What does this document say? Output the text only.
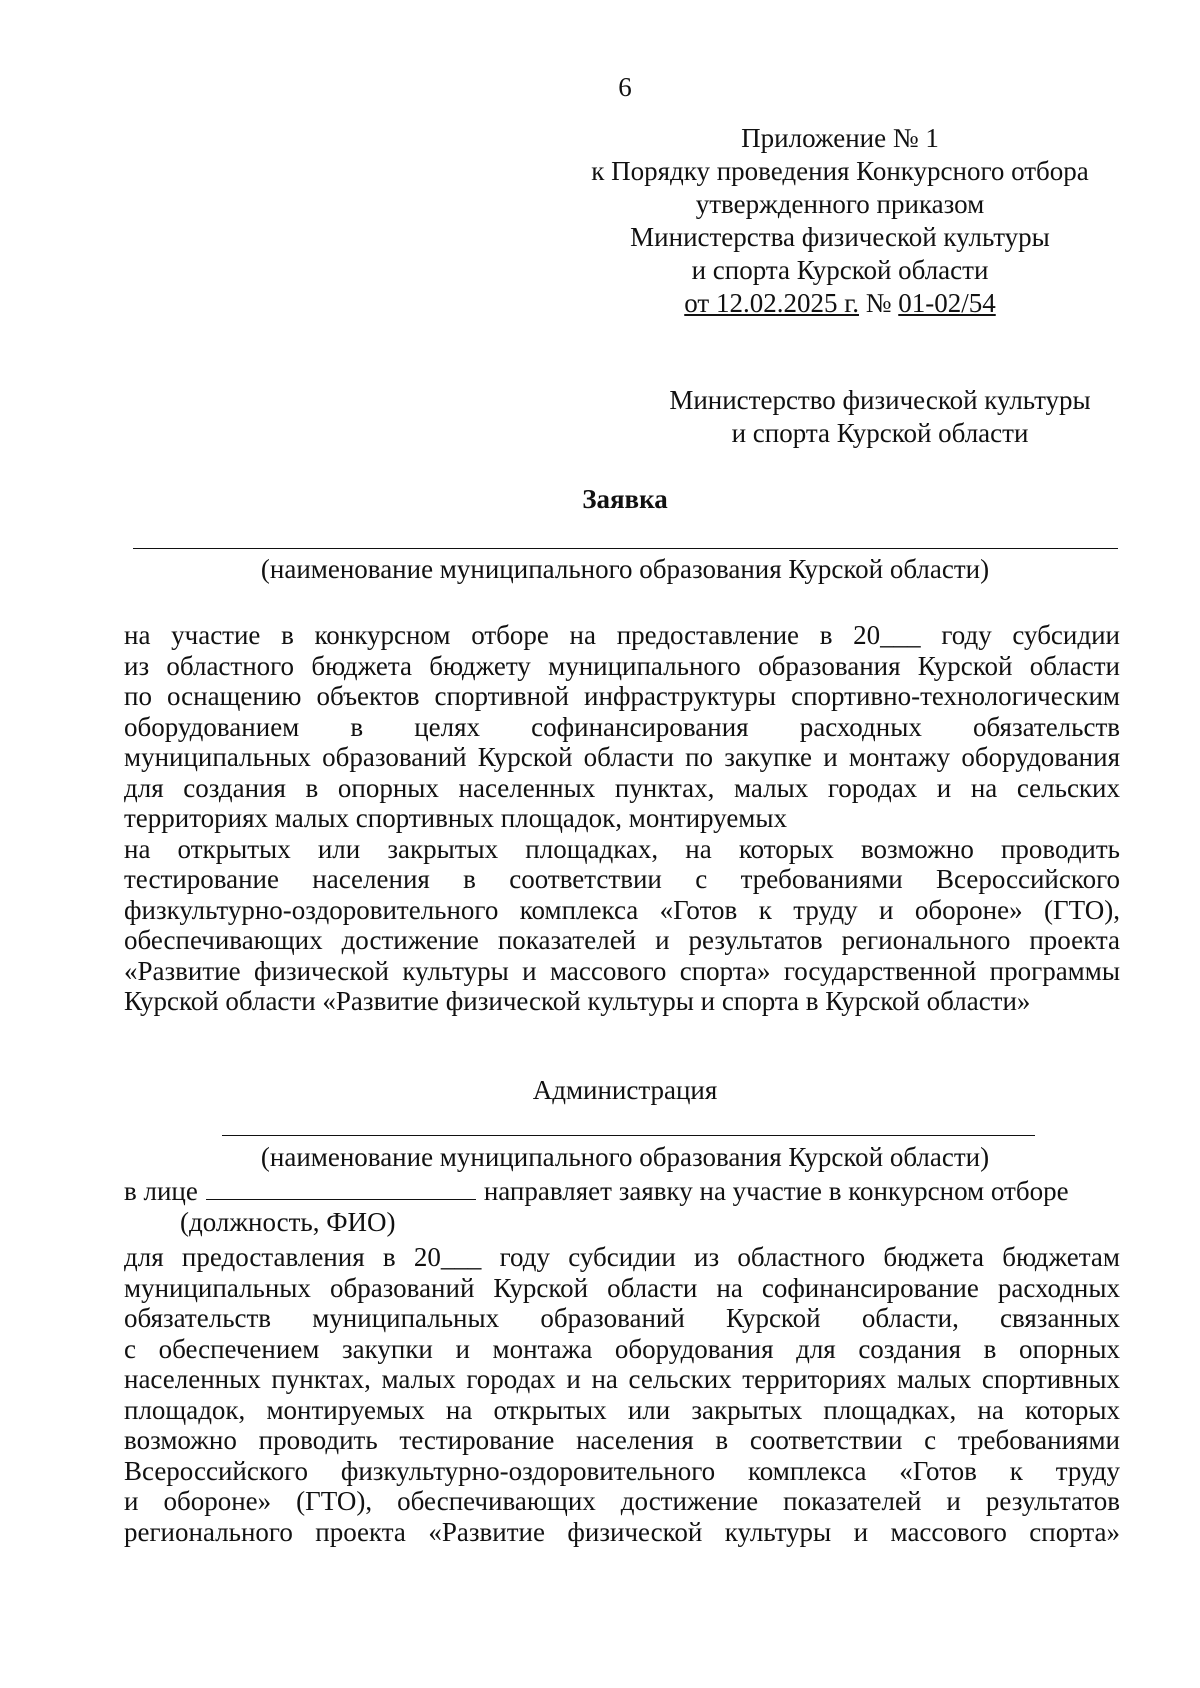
6
Приложение № 1
к Порядку проведения Конкурсного отбора
утвержденного приказом
Министерства физической культуры
и спорта Курской области
от 12.02.2025 г. № 01-02/54
Министерство физической культуры
и спорта Курской области
Заявка
(наименование муниципального образования Курской области)
на участие в конкурсном отборе на предоставление в 20___ году субсидии
из областного бюджета бюджету муниципального образования Курской области
по оснащению объектов спортивной инфраструктуры спортивно-технологическим
оборудованием в целях софинансирования расходных обязательств
муниципальных образований Курской области по закупке и монтажу оборудования
для создания в опорных населенных пунктах, малых городах и на сельских
территориях малых спортивных площадок, монтируемых
на открытых или закрытых площадках, на которых возможно проводить
тестирование населения в соответствии с требованиями Всероссийского
физкультурно-оздоровительного комплекса «Готов к труду и обороне» (ГТО),
обеспечивающих достижение показателей и результатов регионального проекта
«Развитие физической культуры и массового спорта» государственной программы
Курской области «Развитие физической культуры и спорта в Курской области»
Администрация
(наименование муниципального образования Курской области)
в лице	направляет заявку на участие в конкурсном отборе
(должность, ФИО)
для предоставления в 20___ году субсидии из областного бюджета бюджетам
муниципальных образований Курской области на софинансирование расходных
обязательств муниципальных образований Курской области, связанных
с обеспечением закупки и монтажа оборудования для создания в опорных
населенных пунктах, малых городах и на сельских территориях малых спортивных
площадок, монтируемых на открытых или закрытых площадках, на которых
возможно проводить тестирование населения в соответствии с требованиями
Всероссийского физкультурно-оздоровительного комплекса «Готов к труду
и обороне» (ГТО), обеспечивающих достижение показателей и результатов
регионального проекта «Развитие физической культуры и массового спорта»
